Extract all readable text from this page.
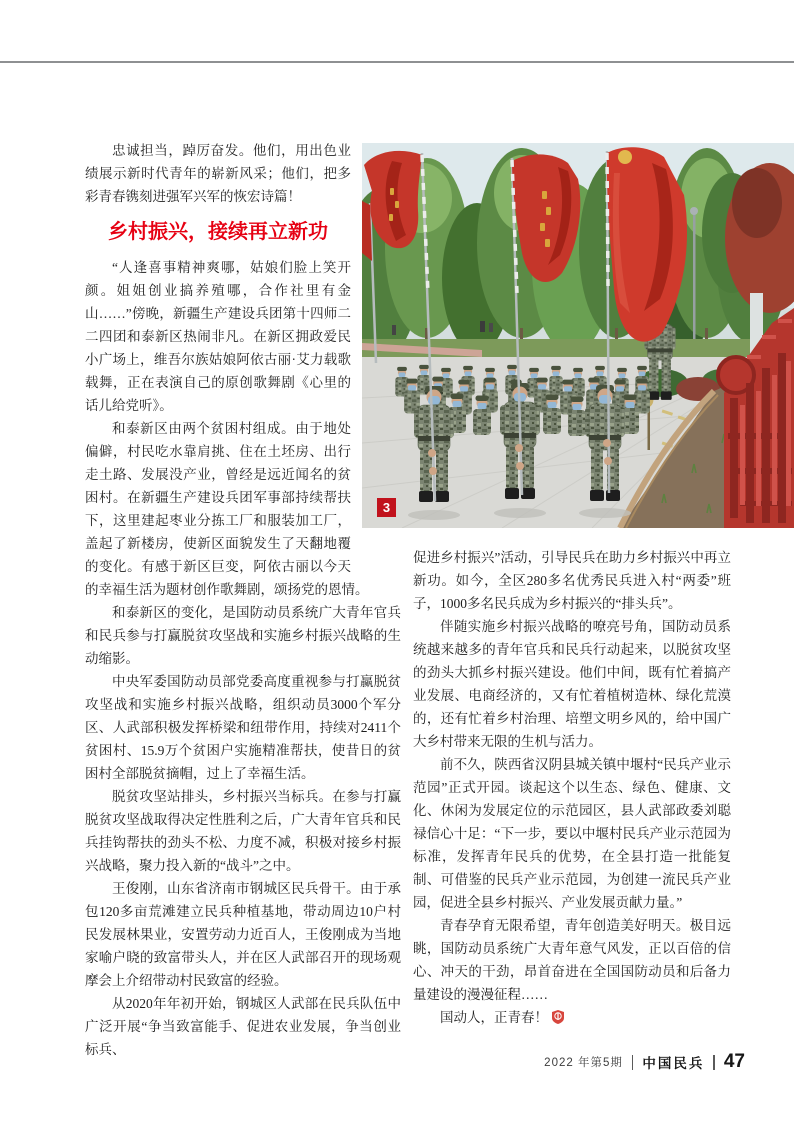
3

忠诚担当，踔厉奋发。他们，用出色业绩展示新时代青年的崭新风采；他们，把多彩青春镌刻进强军兴军的恢宏诗篇！

乡村振兴，接续再立新功

“人逢喜事精神爽哪，姑娘们脸上笑开颜。姐姐创业搞养殖哪，合作社里有金山……”傍晚，新疆生产建设兵团第十四师二二四团和泰新区热闹非凡。在新区拥政爱民小广场上，维吾尔族姑娘阿依古丽·艾力载歌载舞，正在表演自己的原创歌舞剧《心里的话儿给党听》。

和泰新区由两个贫困村组成。由于地处偏僻，村民吃水靠肩挑、住在土坯房、出行走土路、发展没产业，曾经是远近闻名的贫困村。在新疆生产建设兵团军事部持续帮扶下，这里建起枣业分拣工厂和服装加工厂，盖起了新楼房，使新区面貌发生了天翻地覆的变化。有感于新区巨变，阿依古丽以今天的幸福生活为题材创作歌舞剧，颂扬党的恩情。

和泰新区的变化，是国防动员系统广大青年官兵和民兵参与打赢脱贫攻坚战和实施乡村振兴战略的生动缩影。

中央军委国防动员部党委高度重视参与打赢脱贫攻坚战和实施乡村振兴战略，组织动员3000个军分区、人武部积极发挥桥梁和纽带作用，持续对2411个贫困村、15.9万个贫困户实施精准帮扶，使昔日的贫困村全部脱贫摘帽，过上了幸福生活。

脱贫攻坚站排头，乡村振兴当标兵。在参与打赢脱贫攻坚战取得决定性胜利之后，广大青年官兵和民兵挂钩帮扶的劲头不松、力度不减，积极对接乡村振兴战略，聚力投入新的“战斗”之中。

王俊刚，山东省济南市钢城区民兵骨干。由于承包120多亩荒滩建立民兵种植基地，带动周边10户村民发展林果业，安置劳动力近百人，王俊刚成为当地家喻户晓的致富带头人，并在区人武部召开的现场观摩会上介绍带动村民致富的经验。

从2020年年初开始，钢城区人武部在民兵队伍中广泛开展“争当致富能手、促进农业发展，争当创业标兵、

促进乡村振兴”活动，引导民兵在助力乡村振兴中再立新功。如今，全区280多名优秀民兵进入村“两委”班子，1000多名民兵成为乡村振兴的“排头兵”。

伴随实施乡村振兴战略的嘹亮号角，国防动员系统越来越多的青年官兵和民兵行动起来，以脱贫攻坚的劲头大抓乡村振兴建设。他们中间，既有忙着搞产业发展、电商经济的，又有忙着植树造林、绿化荒漠的，还有忙着乡村治理、培塑文明乡风的，给中国广大乡村带来无限的生机与活力。

前不久，陕西省汉阴县城关镇中堰村“民兵产业示范园”正式开园。谈起这个以生态、绿色、健康、文化、休闲为发展定位的示范园区，县人武部政委刘聪禄信心十足：“下一步，要以中堰村民兵产业示范园为标准，发挥青年民兵的优势，在全县打造一批能复制、可借鉴的民兵产业示范园，为创建一流民兵产业园，促进全县乡村振兴、产业发展贡献力量。”

青春孕育无限希望，青年创造美好明天。极目远眺，国防动员系统广大青年意气风发，正以百倍的信心、冲天的干劲，昂首奋进在全国国防动员和后备力量建设的漫漫征程……

国动人，正青春！

2022 年第5期 中国民兵 47
